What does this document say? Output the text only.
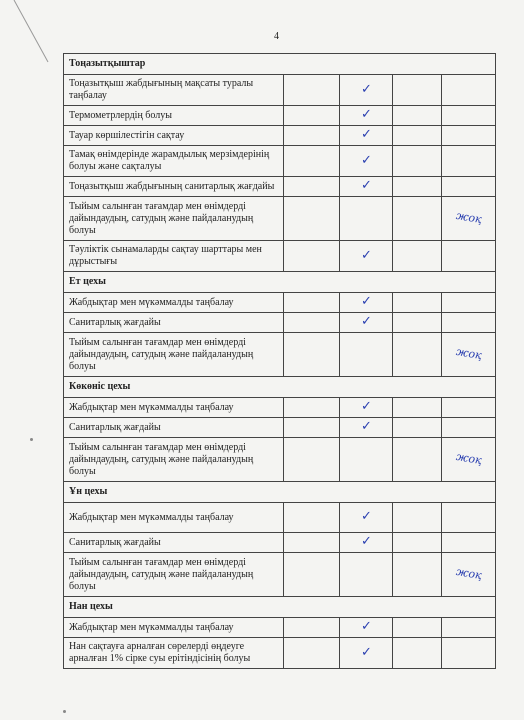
4
Тоңазытқыштар				
Тоңазытқыш жабдығының мақсаты туралы таңбалау		✓		
Термометрлердің болуы		✓		
Тауар көршілестігін сақтау		✓		
Тамақ өнімдерінде жарамдылық мерзімдерінің болуы және сақталуы		✓		
Тоңазытқыш жабдығының санитарлық жағдайы		✓		
Тыйым салынған тағамдар мен өнімдерді дайындаудың, сатудың және пайдаланудың болуы				жоқ
Тәуліктік сынамаларды сақтау шарттары мен дұрыстығы		✓		
Ет цехы				
Жабдықтар мен мүкәммалды таңбалау		✓		
Санитарлық жағдайы		✓		
Тыйым салынған тағамдар мен өнімдерді дайындаудың, сатудың және пайдаланудың болуы				жоқ
Көкөніс цехы				
Жабдықтар мен мүкәммалды таңбалау		✓		
Санитарлық жағдайы		✓		
Тыйым салынған тағамдар мен өнімдерді дайындаудың, сатудың және пайдаланудың болуы				жоқ
Ұн цехы				
Жабдықтар мен мүкәммалды таңбалау		✓		
Санитарлық жағдайы		✓		
Тыйым салынған тағамдар мен өнімдерді дайындаудың, сатудың және пайдаланудың болуы				жоқ
Нан цехы				
Жабдықтар мен мүкәммалды таңбалау		✓		
Нан сақтауға арналған сөрелерді өңдеуге арналған 1% сірке суы ерітіндісінің болуы		✓		
